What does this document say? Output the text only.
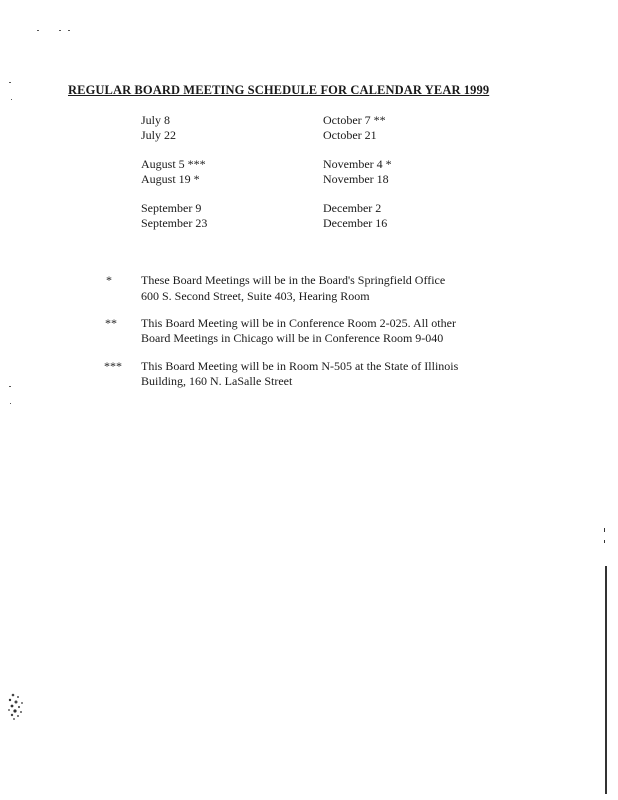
REGULAR BOARD MEETING SCHEDULE FOR CALENDAR YEAR 1999
July 8
July 22
August 5 ***
August 19 *
September 9
September 23
October 7 **
October 21
November 4 *
November 18
December 2
December 16
* These Board Meetings will be in the Board's Springfield Office
600 S. Second Street, Suite 403, Hearing Room
** This Board Meeting will be in Conference Room 2-025. All other
Board Meetings in Chicago will be in Conference Room 9-040
*** This Board Meeting will be in Room N-505 at the State of Illinois
Building, 160 N. LaSalle Street
